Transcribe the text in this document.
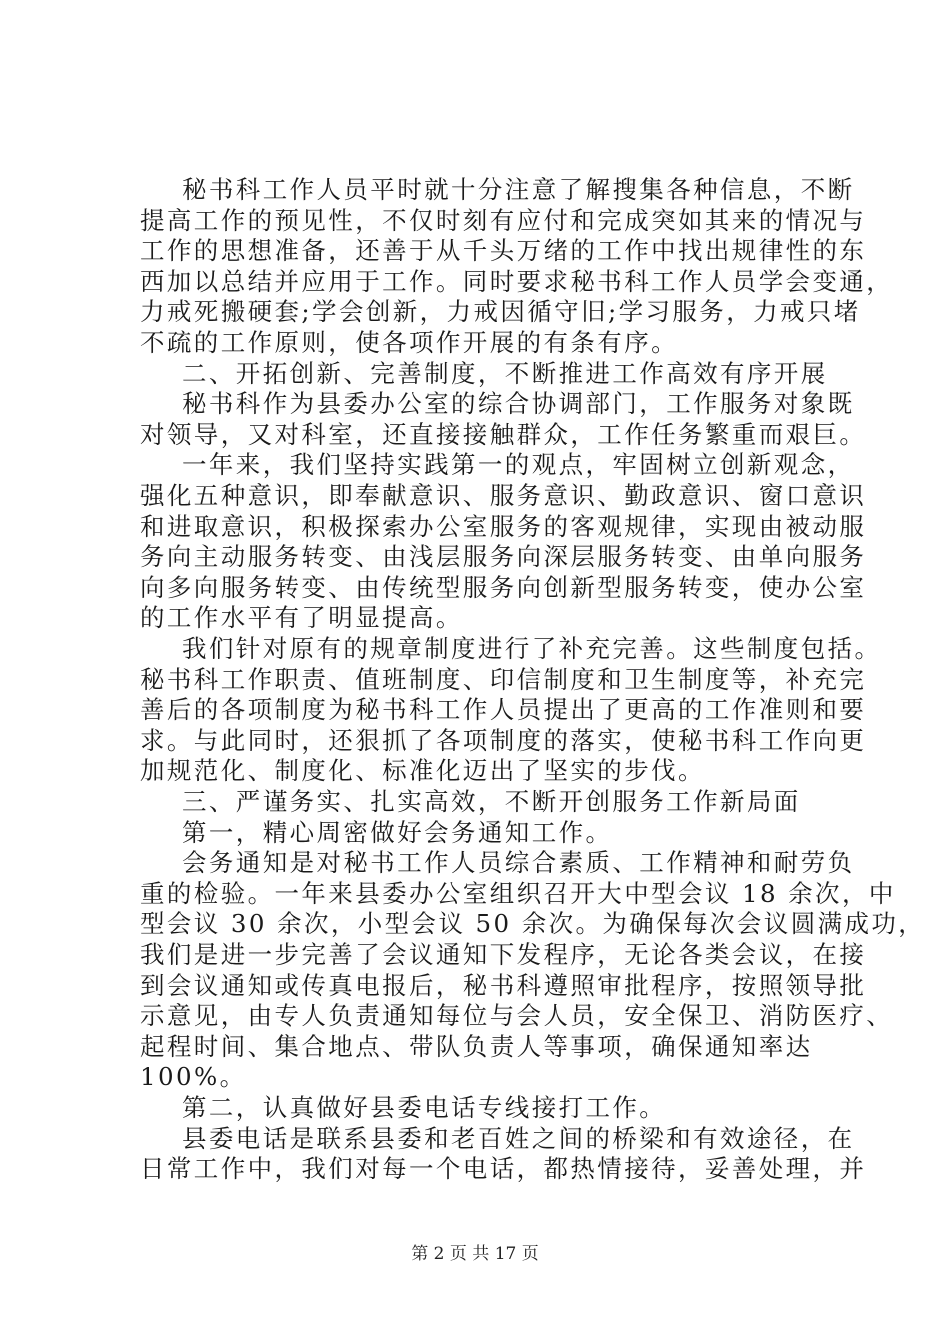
秘书科工作人员平时就十分注意了解搜集各种信息，不断
提高工作的预见性，不仅时刻有应付和完成突如其来的情况与
工作的思想准备，还善于从千头万绪的工作中找出规律性的东
西加以总结并应用于工作。同时要求秘书科工作人员学会变通，
力戒死搬硬套;学会创新，力戒因循守旧;学习服务，力戒只堵
不疏的工作原则，使各项作开展的有条有序。
二、开拓创新、完善制度，不断推进工作高效有序开展
秘书科作为县委办公室的综合协调部门，工作服务对象既
对领导，又对科室，还直接接触群众，工作任务繁重而艰巨。
一年来，我们坚持实践第一的观点，牢固树立创新观念，
强化五种意识，即奉献意识、服务意识、勤政意识、窗口意识
和进取意识，积极探索办公室服务的客观规律，实现由被动服
务向主动服务转变、由浅层服务向深层服务转变、由单向服务
向多向服务转变、由传统型服务向创新型服务转变，使办公室
的工作水平有了明显提高。
我们针对原有的规章制度进行了补充完善。这些制度包括。
秘书科工作职责、值班制度、印信制度和卫生制度等，补充完
善后的各项制度为秘书科工作人员提出了更高的工作准则和要
求。与此同时，还狠抓了各项制度的落实，使秘书科工作向更
加规范化、制度化、标准化迈出了坚实的步伐。
三、严谨务实、扎实高效，不断开创服务工作新局面
第一，精心周密做好会务通知工作。
会务通知是对秘书工作人员综合素质、工作精神和耐劳负
重的检验。一年来县委办公室组织召开大中型会议 18 余次，中
型会议 30 余次，小型会议 50 余次。为确保每次会议圆满成功，
我们是进一步完善了会议通知下发程序，无论各类会议，在接
到会议通知或传真电报后，秘书科遵照审批程序，按照领导批
示意见，由专人负责通知每位与会人员，安全保卫、消防医疗、
起程时间、集合地点、带队负责人等事项，确保通知率达
100%。
第二，认真做好县委电话专线接打工作。
县委电话是联系县委和老百姓之间的桥梁和有效途径，在
日常工作中，我们对每一个电话，都热情接待，妥善处理，并
第 2 页 共 17 页
